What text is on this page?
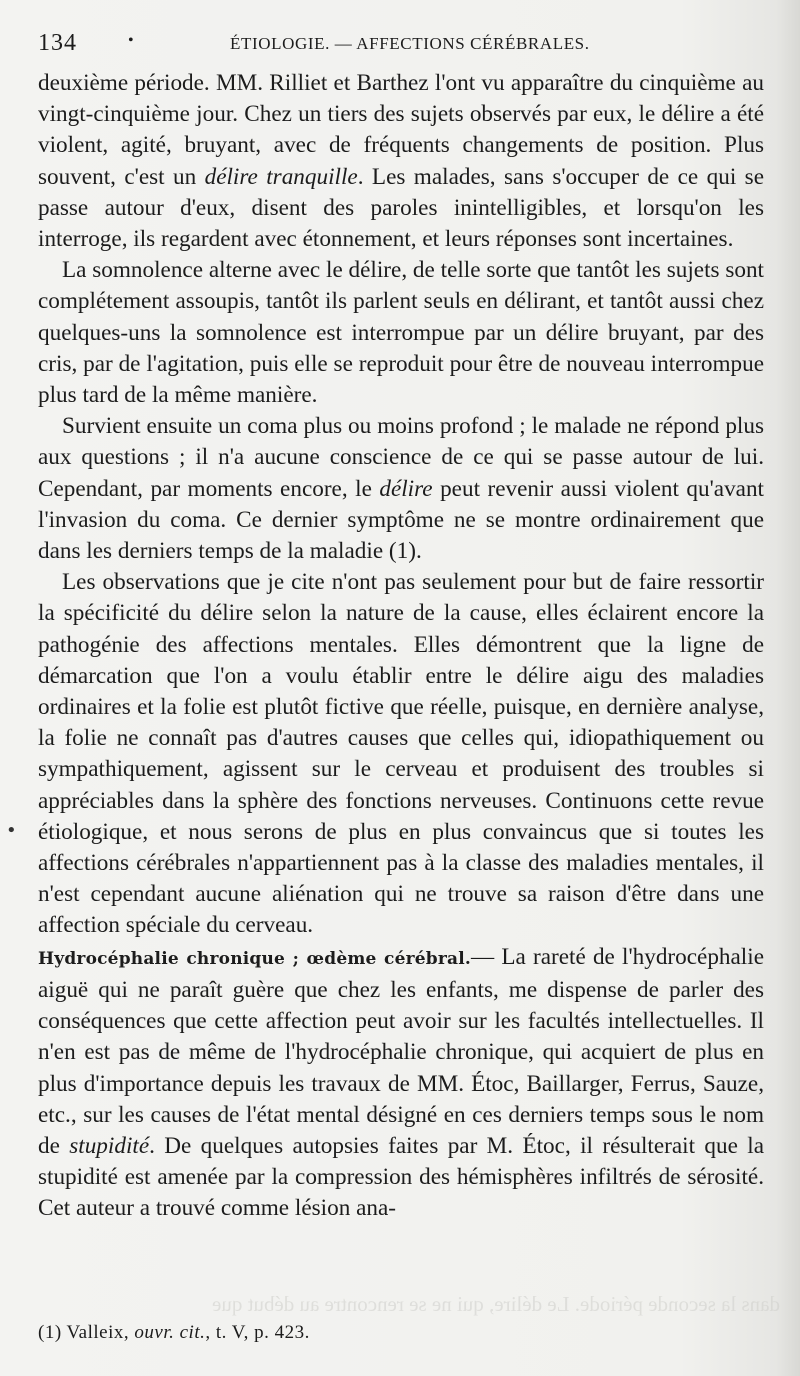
134	•	ÉTIOLOGIE. — AFFECTIONS CÉRÉBRALES.
•

deuxième période. MM. Rilliet et Barthez l'ont vu apparaître du cinquième au vingt-cinquième jour. Chez un tiers des sujets observés par eux, le délire a été violent, agité, bruyant, avec de fréquents changements de position. Plus souvent, c'est un délire tranquille. Les malades, sans s'occuper de ce qui se passe autour d'eux, disent des paroles inintelligibles, et lorsqu'on les interroge, ils regardent avec étonnement, et leurs réponses sont incertaines.

La somnolence alterne avec le délire, de telle sorte que tantôt les sujets sont complétement assoupis, tantôt ils parlent seuls en délirant, et tantôt aussi chez quelques-uns la somnolence est interrompue par un délire bruyant, par des cris, par de l'agitation, puis elle se reproduit pour être de nouveau interrompue plus tard de la même manière.

Survient ensuite un coma plus ou moins profond ; le malade ne répond plus aux questions ; il n'a aucune conscience de ce qui se passe autour de lui. Cependant, par moments encore, le délire peut revenir aussi violent qu'avant l'invasion du coma. Ce dernier symptôme ne se montre ordinairement que dans les derniers temps de la maladie (1).

Les observations que je cite n'ont pas seulement pour but de faire ressortir la spécificité du délire selon la nature de la cause, elles éclairent encore la pathogénie des affections mentales. Elles démontrent que la ligne de démarcation que l'on a voulu établir entre le délire aigu des maladies ordinaires et la folie est plutôt fictive que réelle, puisque, en dernière analyse, la folie ne connaît pas d'autres causes que celles qui, idiopathiquement ou sympathiquement, agissent sur le cerveau et produisent des troubles si appréciables dans la sphère des fonctions nerveuses. Continuons cette revue étiologique, et nous serons de plus en plus convaincus que si toutes les affections cérébrales n'appartiennent pas à la classe des maladies mentales, il n'est cependant aucune aliénation qui ne trouve sa raison d'être dans une affection spéciale du cerveau.

Hydrocéphalie chronique ; œdème cérébral.— La rareté de l'hydrocéphalie aiguë qui ne paraît guère que chez les enfants, me dispense de parler des conséquences que cette affection peut avoir sur les facultés intellectuelles. Il n'en est pas de même de l'hydrocéphalie chronique, qui acquiert de plus en plus d'importance depuis les travaux de MM. Étoc, Baillarger, Ferrus, Sauze, etc., sur les causes de l'état mental désigné en ces derniers temps sous le nom de stupidité. De quelques autopsies faites par M. Étoc, il résulterait que la stupidité est amenée par la compression des hémisphères infiltrés de sérosité. Cet auteur a trouvé comme lésion ana-

(1) Valleix, ouvr. cit., t. V, p. 423.
dans la seconde période. Le délire, qui ne se rencontre au début que
